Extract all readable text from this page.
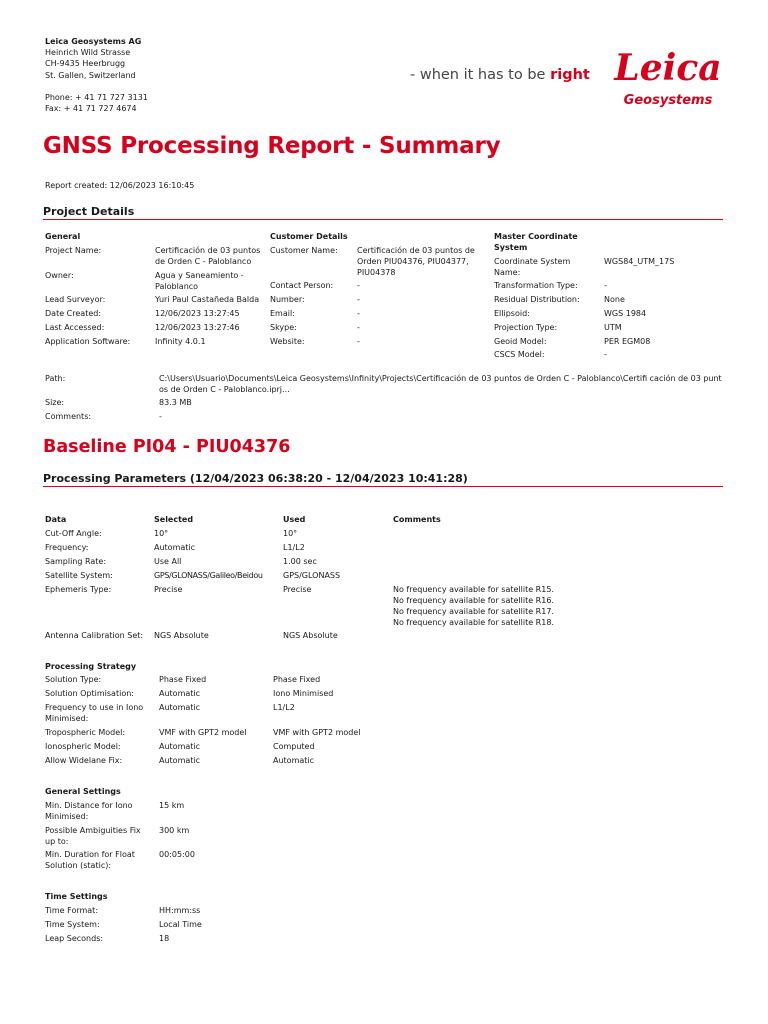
Leica Geosystems AG
Heinrich Wild Strasse
CH-9435 Heerbrugg
St. Gallen, Switzerland
Phone: + 41 71 727 3131
Fax: + 41 71 727 4674
- when it has to be right Leica
Geosystems
GNSS Processing Report - Summary
Report created: 12/06/2023 16:10:45
Project Details
General
Project Name:	Certificación de 03 puntos de Orden C - Paloblanco
Owner:	Agua y Saneamiento - Paloblanco
Lead Surveyor:	Yuri Paul Castañeda Balda
Date Created:	12/06/2023 13:27:45
Last Accessed:	12/06/2023 13:27:46
Application Software:	Infinity 4.0.1
Customer Details
Customer Name: Certificación de 03 puntos de Orden PIU04376, PIU04377, PIU04378
Contact Person:	-
Number:	-
Email:	-
Skype:	-
Website:	-
Master Coordinate System
Coordinate System Name:
WGS84_UTM_17S
Transformation Type:	-
Residual Distribution:	None
Ellipsoid:	WGS 1984
Projection Type:	UTM
Geoid Model:	PER EGM08
CSCS Model:	-
Path:	C:\Users\Usuario\Documents\Leica Geosystems\Infinity\Projects\Certificación de 03 puntos de Orden C - Paloblanco\Certifi cación de 03 puntos de Orden C - Paloblanco.iprj...
Size:	83.3 MB
Comments:	-
Baseline PI04 - PIU04376
Processing Parameters (12/04/2023 06:38:20 - 12/04/2023 10:41:28)
Data	Selected	Used	Comments
Cut-Off Angle:	10°	10°
Frequency:	Automatic	L1/L2
Sampling Rate:	Use All	1.00 sec
Satellite System:	GPS/GLONASS/Galileo/Beidou	GPS/GLONASS
Ephemeris Type:	Precise	Precise	No frequency available for satellite R15.
No frequency available for satellite R16.
No frequency available for satellite R17.
No frequency available for satellite R18.
Antenna Calibration Set: NGS Absolute	NGS Absolute
Processing Strategy
Solution Type:	Phase Fixed	Phase Fixed
Solution Optimisation:	Automatic	Iono Minimised
Frequency to use in Iono Minimised:
Automatic	L1/L2
Tropospheric Model:	VMF with GPT2 model	VMF with GPT2 model
Ionospheric Model:	Automatic	Computed
Allow Widelane Fix:	Automatic	Automatic
General Settings
Min. Distance for Iono Minimised:
15 km
Possible Ambiguities Fix up to:
300 km
Min. Duration for Float Solution (static):
00:05:00
Time Settings
Time Format:	HH:mm:ss
Time System:	Local Time
Leap Seconds:	18
